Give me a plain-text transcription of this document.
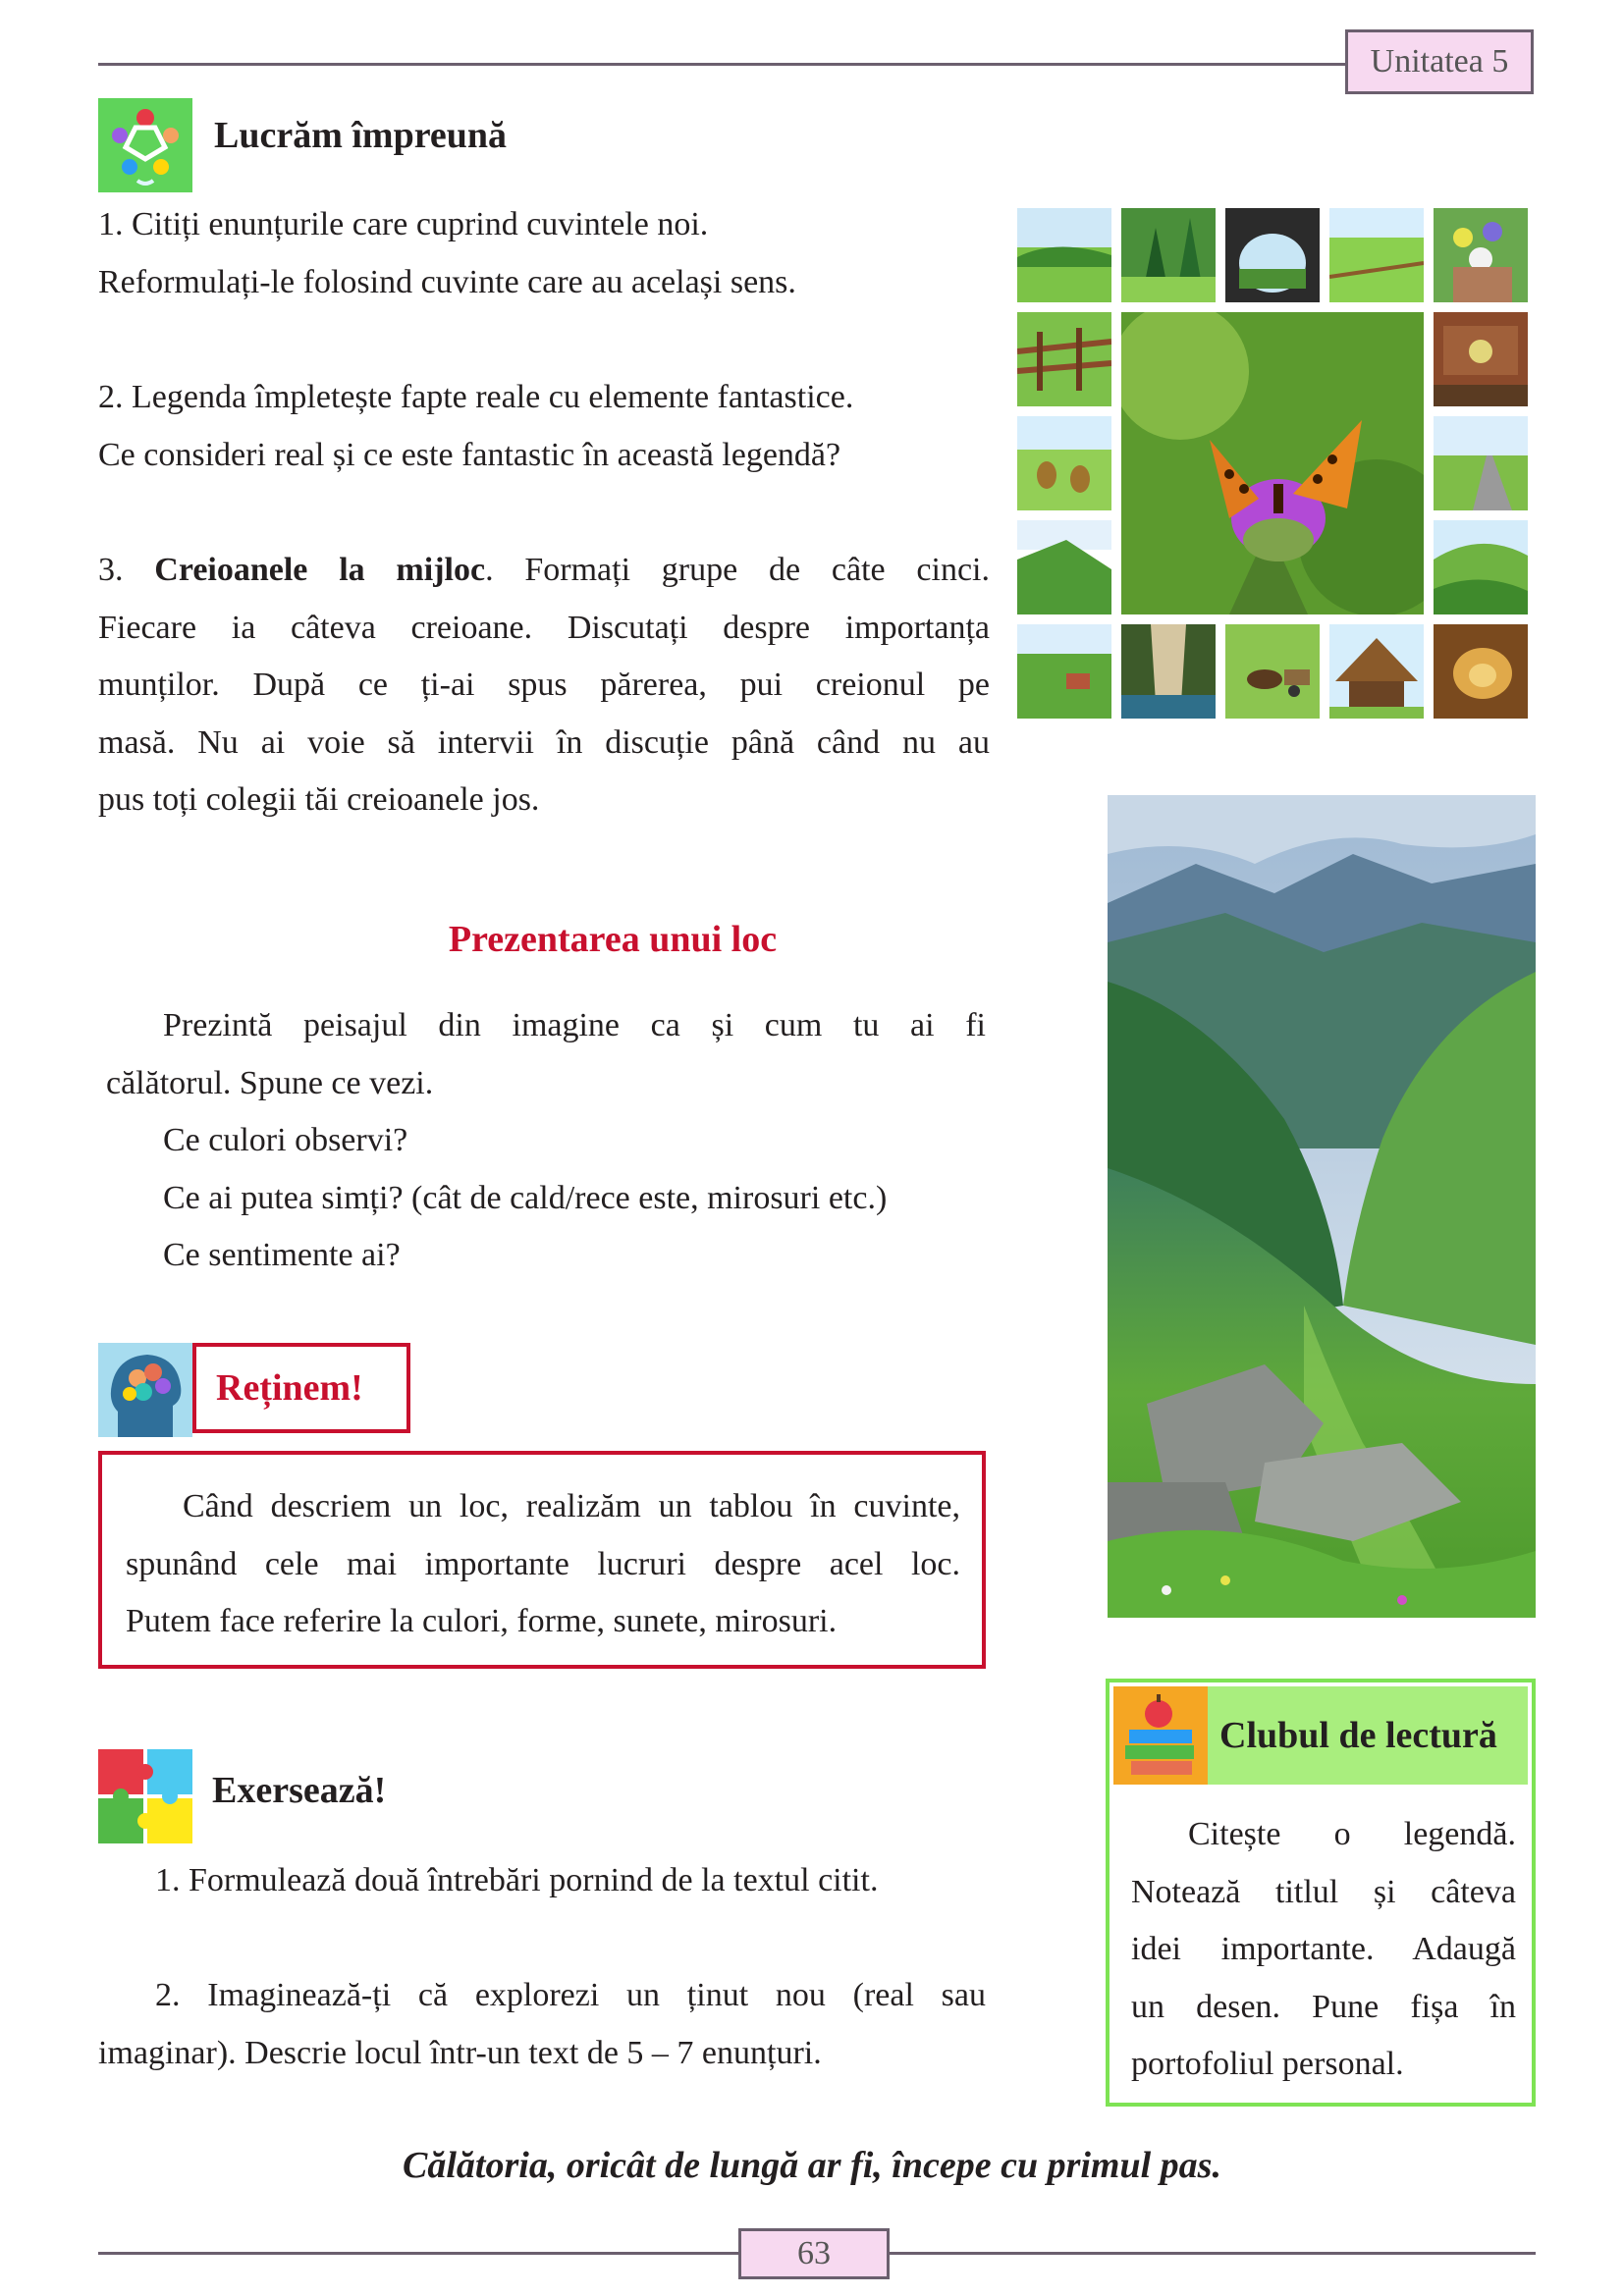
Unitatea 5
Lucrăm împreună
1. Citiți enunțurile care cuprind cuvintele noi.
Reformulați-le folosind cuvinte care au același sens.
2. Legenda împletește fapte reale cu elemente fantastice.
Ce consideri real și ce este fantastic în această legendă?
3. Creioanele la mijloc. Formați grupe de câte cinci.
Fiecare ia câteva creioane. Discutați despre importanța
munților. După ce ți-ai spus părerea, pui creionul pe
masă. Nu ai voie să intervii în discuție până când nu au
pus toți colegii tăi creioanele jos.
Prezentarea unui loc
Prezintă peisajul din imagine ca și cum tu ai fi
călătorul. Spune ce vezi.
Ce culori observi?
Ce ai putea simți? (cât de cald/rece este, mirosuri etc.)
Ce sentimente ai?
Reținem!
Când descriem un loc, realizăm un tablou în cuvinte,
spunând cele mai importante lucruri despre acel loc.
Putem face referire la culori, forme, sunete, mirosuri.
Exersează!
1. Formulează două întrebări pornind de la textul citit.
2. Imaginează-ți că explorezi un ținut nou (real sau
imaginar). Descrie locul într-un text de 5 – 7 enunțuri.
Clubul de lectură
Citește o legendă.
Notează titlul și câteva
idei importante. Adaugă
un desen. Pune fișa în
portofoliul personal.
Călătoria, oricât de lungă ar fi, începe cu primul pas.
63
